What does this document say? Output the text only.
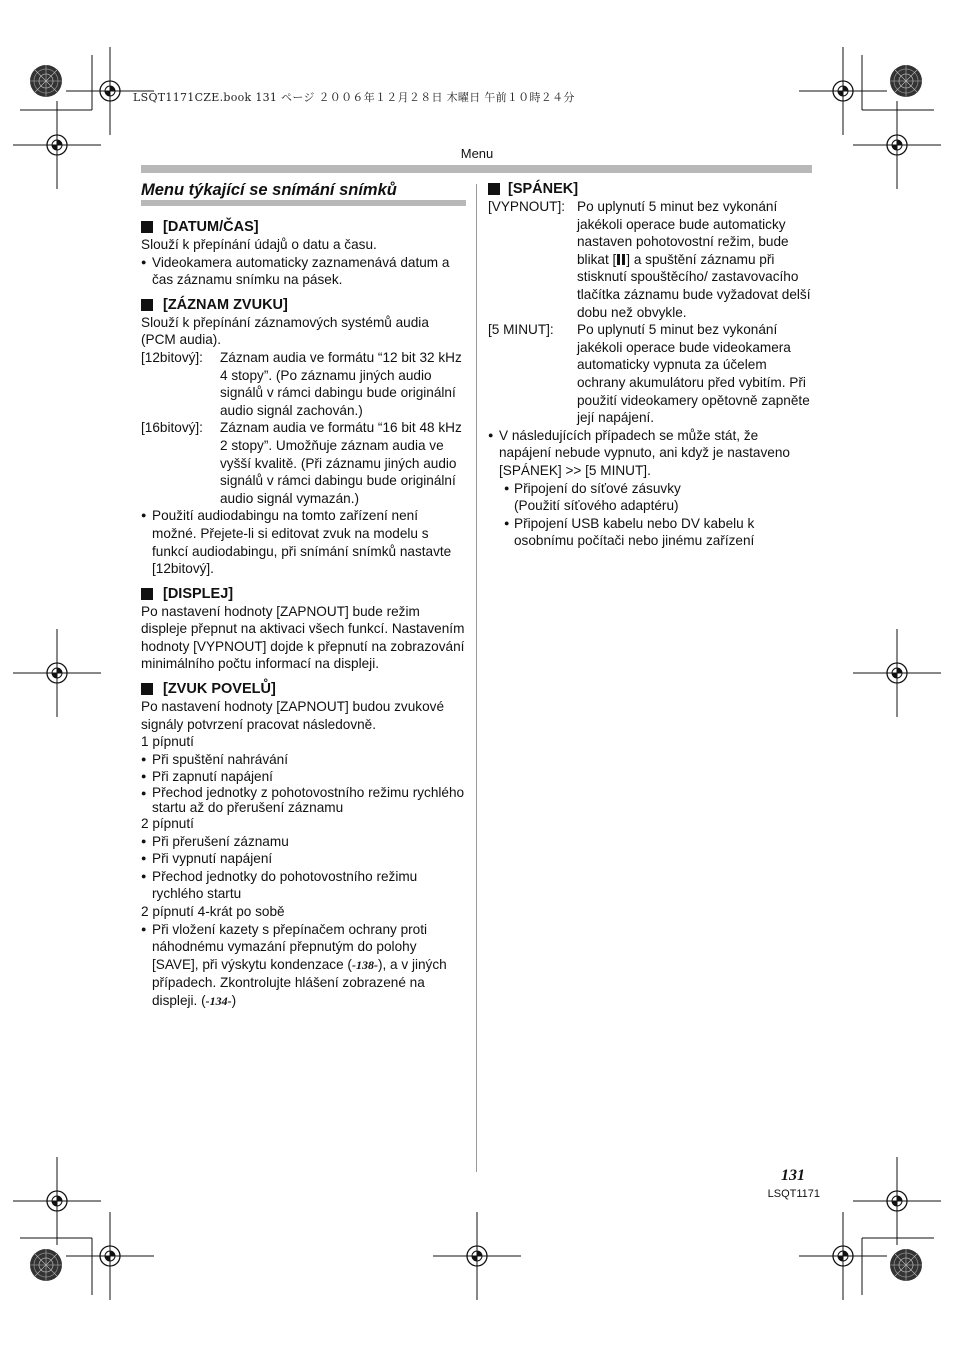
LSQT1171CZE.book 131 ページ ２００６年１２月２８日 木曜日 午前１０時２４分
Menu
Menu týkající se snímání snímků
[DATUM/ČAS]

Slouží k přepínání údajů o datu a času.

● Videokamera automaticky zaznamenává datum a čas záznamu snímku na pásek.
[ZÁZNAM ZVUKU]

Slouží k přepínání záznamových systémů audia (PCM audia).

[12bitový]:	Záznam audia ve formátu “12 bit 32 kHz 4 stopy”. (Po záznamu jiných audio signálů v rámci dabingu bude originální audio signál zachován.)
[16bitový]:	Záznam audia ve formátu “16 bit 48 kHz 2 stopy”. Umožňuje záznam audia ve vyšší kvalitě. (Při záznamu jiných audio signálů v rámci dabingu bude originální audio signál vymazán.)
● Použití audiodabingu na tomto zařízení není možné. Přejete-li si editovat zvuk na modelu s funkcí audiodabingu, při snímání snímků nastavte [12bitový].
[DISPLEJ]

Po nastavení hodnoty [ZAPNOUT] bude režim displeje přepnut na aktivaci všech funkcí. Nastavením hodnoty [VYPNOUT] dojde k přepnutí na zobrazování minimálního počtu informací na displeji.

[ZVUK POVELŮ]

Po nastavení hodnoty [ZAPNOUT] budou zvukové signály potvrzení pracovat následovně.

1 pípnutí

● Při spuštění nahrávání
● Při zapnutí napájení
● Přechod jednotky z pohotovostního režimu rychlého startu až do přerušení záznamu

2 pípnutí

● Při přerušení záznamu
● Při vypnutí napájení
● Přechod jednotky do pohotovostního režimu rychlého startu

2 pípnutí 4-krát po sobě

● Při vložení kazety s přepínačem ochrany proti náhodnému vymazání přepnutým do polohy [SAVE], při výskytu kondenzace (-138-), a v jiných případech. Zkontrolujte hlášení zobrazené na displeji. (-134-)
[SPÁNEK]
[VYPNOUT]: Po uplynutí 5 minut bez vykonání jakékoli operace bude automaticky nastaven pohotovostní režim, bude blikat [ ] a spuštění záznamu při stisknutí spouštěcího/ zastavovacího tlačítka záznamu bude vyžadovat delší dobu než obvykle.
[5 MINUT]:	Po uplynutí 5 minut bez vykonání jakékoli operace bude videokamera automaticky vypnuta za účelem ochrany akumulátoru před vybitím. Při použití videokamery opětovně zapněte její napájení.
● V následujících případech se může stát, že napájení nebude vypnuto, ani když je nastaveno [SPÁNEK] >> [5 MINUT].
● Připojení do síťové zásuvky
(Použití síťového adaptéru)
● Připojení USB kabelu nebo DV kabelu k osobnímu počítači nebo jinému zařízení
131
LSQT1171
